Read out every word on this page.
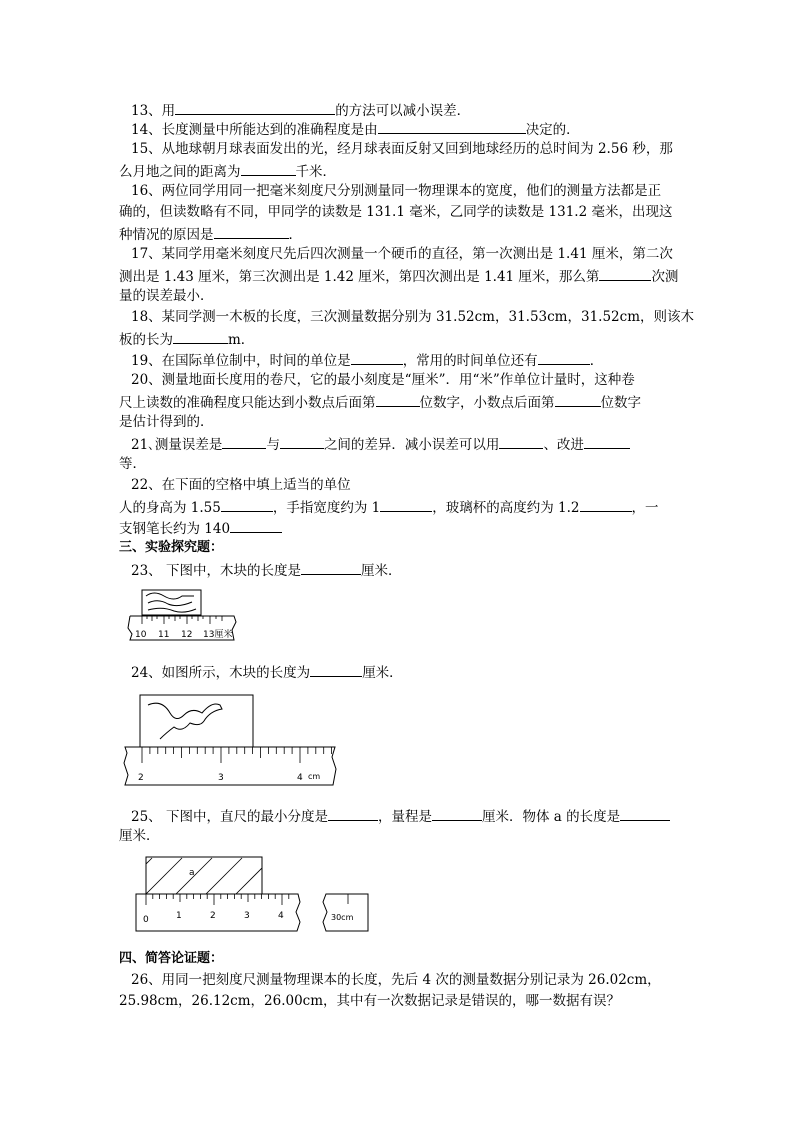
13、用	的方法可以减小误差．
14、长度测量中所能达到的准确程度是由	决定的．
15、从地球朝月球表面发出的光，经月球表面反射又回到地球经历的总时间为 2.56 秒，那
么月地之间的距离为	千米．
16、两位同学用同一把毫米刻度尺分别测量同一物理课本的宽度，他们的测量方法都是正
确的，但读数略有不同，甲同学的读数是 131.1 毫米，乙同学的读数是 131.2 毫米，出现这
种情况的原因是	．
17、某同学用毫米刻度尺先后四次测量一个硬币的直径，第一次测出是 1.41 厘米，第二次
测出是 1.43 厘米，第三次测出是 1.42 厘米，第四次测出是 1.41 厘米，那么第	次测
量的误差最小．
18、某同学测一木板的长度，三次测量数据分别为 31.52cm，31.53cm，31.52cm，则该木
板的长为	m．
19、在国际单位制中，时间的单位是	，常用的时间单位还有	．
20、测量地面长度用的卷尺，它的最小刻度是“厘米”．用“米”作单位计量时，这种卷
尺上读数的准确程度只能达到小数点后面第	位数字，小数点后面第	位数字
是估计得到的．
21､测量误差是	与	之间的差异．减小误差可以用	、改进
等．
22、在下面的空格中填上适当的单位
人的身高为 1.55	，手指宽度约为 1	，玻璃杯的高度约为 1.2	，一
支钢笔长约为 140
三、实验探究题：
23、 下图中，木块的长度是	厘米．
10 11 12 13厘米
24、如图所示，木块的长度为	厘米．
2	3	4 cm
25、 下图中，直尺的最小分度是	，量程是	厘米．物体 a 的长度是
厘米．
a
0	1	2	3	4	30cm
四、简答论证题：
26、用同一把刻度尺测量物理课本的长度，先后 4 次的测量数据分别记录为 26.02cm，
25.98cm，26.12cm，26.00cm，其中有一次数据记录是错误的，哪一数据有误？
